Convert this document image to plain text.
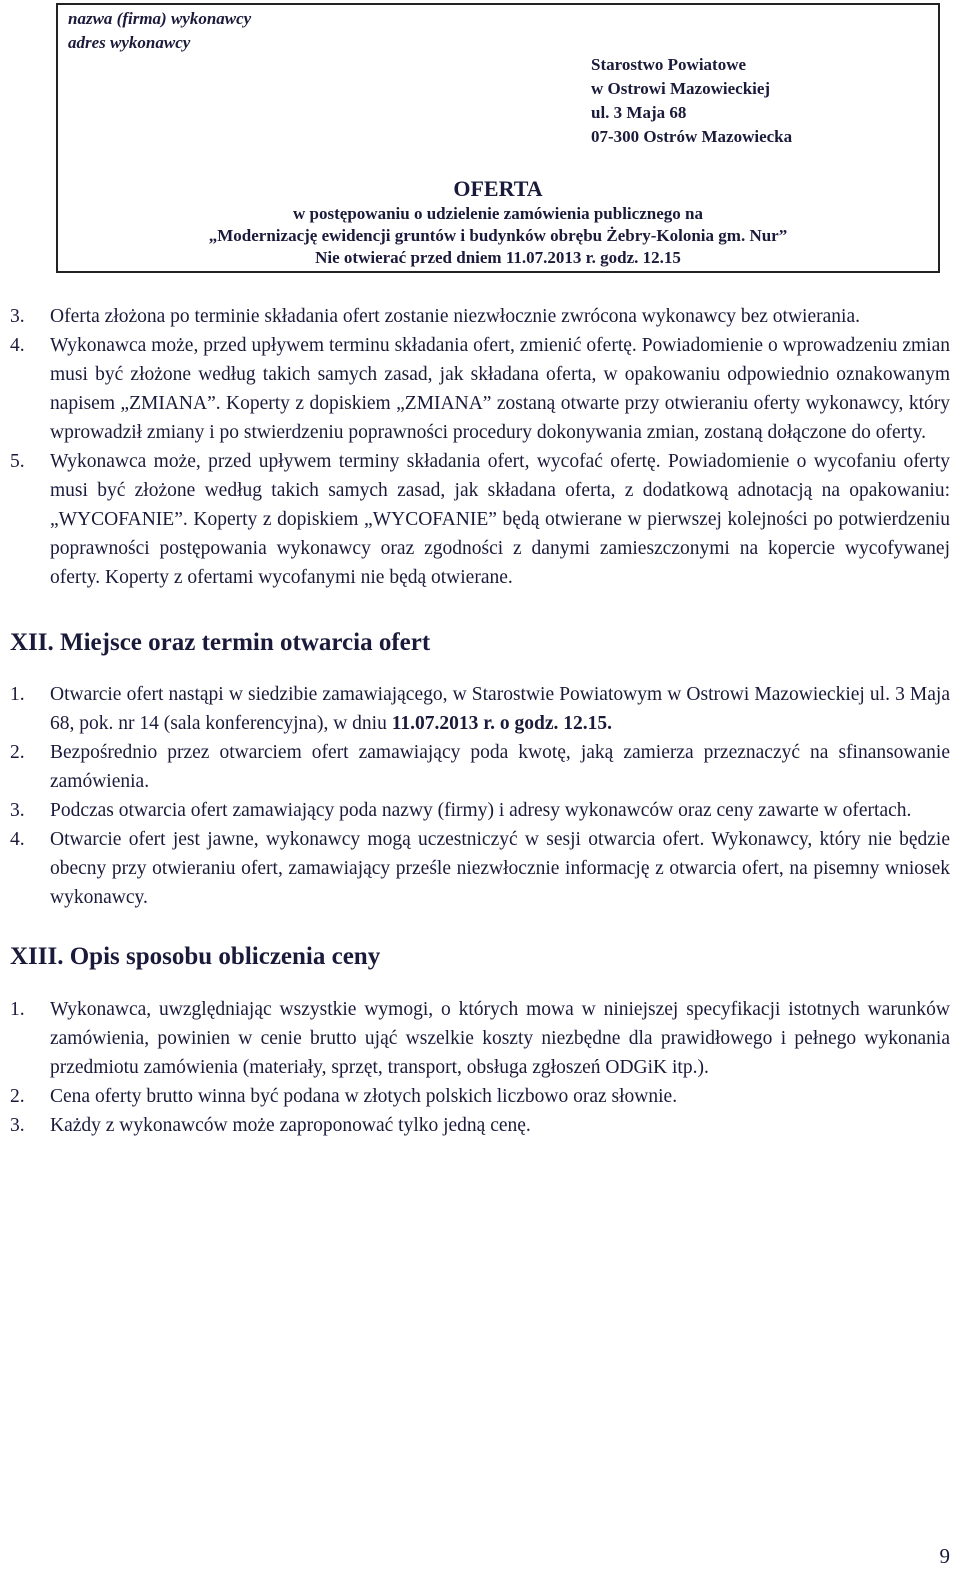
nazwa (firma) wykonawcy
adres wykonawcy
Starostwo Powiatowe
w Ostrowi Mazowieckiej
ul. 3 Maja 68
07-300 Ostrów Mazowiecka
OFERTA
w postępowaniu o udzielenie zamówienia publicznego na
„Modernizację ewidencji gruntów i budynków obrębu Żebry-Kolonia gm. Nur”
Nie otwierać przed dniem 11.07.2013 r. godz. 12.15
3. Oferta złożona po terminie składania ofert zostanie niezwłocznie zwrócona wykonawcy bez otwierania.
4. Wykonawca może, przed upływem terminu składania ofert, zmienić ofertę. Powiadomienie o wprowadzeniu zmian musi być złożone według takich samych zasad, jak składana oferta, w opakowaniu odpowiednio oznakowanym napisem „ZMIANA”. Koperty z dopiskiem „ZMIANA” zostaną otwarte przy otwieraniu oferty wykonawcy, który wprowadził zmiany i po stwierdzeniu poprawności procedury dokonywania zmian, zostaną dołączone do oferty.
5. Wykonawca może, przed upływem terminy składania ofert, wycofać ofertę. Powiadomienie o wycofaniu oferty musi być złożone według takich samych zasad, jak składana oferta, z dodatkową adnotacją na opakowaniu: „WYCOFANIE”. Koperty z dopiskiem „WYCOFANIE” będą otwierane w pierwszej kolejności po potwierdzeniu poprawności postępowania wykonawcy oraz zgodności z danymi zamieszczonymi na kopercie wycofywanej oferty. Koperty z ofertami wycofanymi nie będą otwierane.
XII. Miejsce oraz termin otwarcia ofert
1. Otwarcie ofert nastąpi w siedzibie zamawiającego, w Starostwie Powiatowym w Ostrowi Mazowieckiej ul. 3 Maja 68, pok. nr 14 (sala konferencyjna), w dniu 11.07.2013 r. o godz. 12.15.
2. Bezpośrednio przez otwarciem ofert zamawiający poda kwotę, jaką zamierza przeznaczyć na sfinansowanie zamówienia.
3. Podczas otwarcia ofert zamawiający poda nazwy (firmy) i adresy wykonawców oraz ceny zawarte w ofertach.
4. Otwarcie ofert jest jawne, wykonawcy mogą uczestniczyć w sesji otwarcia ofert. Wykonawcy, który nie będzie obecny przy otwieraniu ofert, zamawiający prześle niezwłocznie informację z otwarcia ofert, na pisemny wniosek wykonawcy.
XIII. Opis sposobu obliczenia ceny
1. Wykonawca, uwzględniając wszystkie wymogi, o których mowa w niniejszej specyfikacji istotnych warunków zamówienia, powinien w cenie brutto ująć wszelkie koszty niezbędne dla prawidłowego i pełnego wykonania przedmiotu zamówienia (materiały, sprzęt, transport, obsługa zgłoszeń ODGiK itp.).
2. Cena oferty brutto winna być podana w złotych polskich liczbowo oraz słownie.
3. Każdy z wykonawców może zaproponować tylko jedną cenę.
9
